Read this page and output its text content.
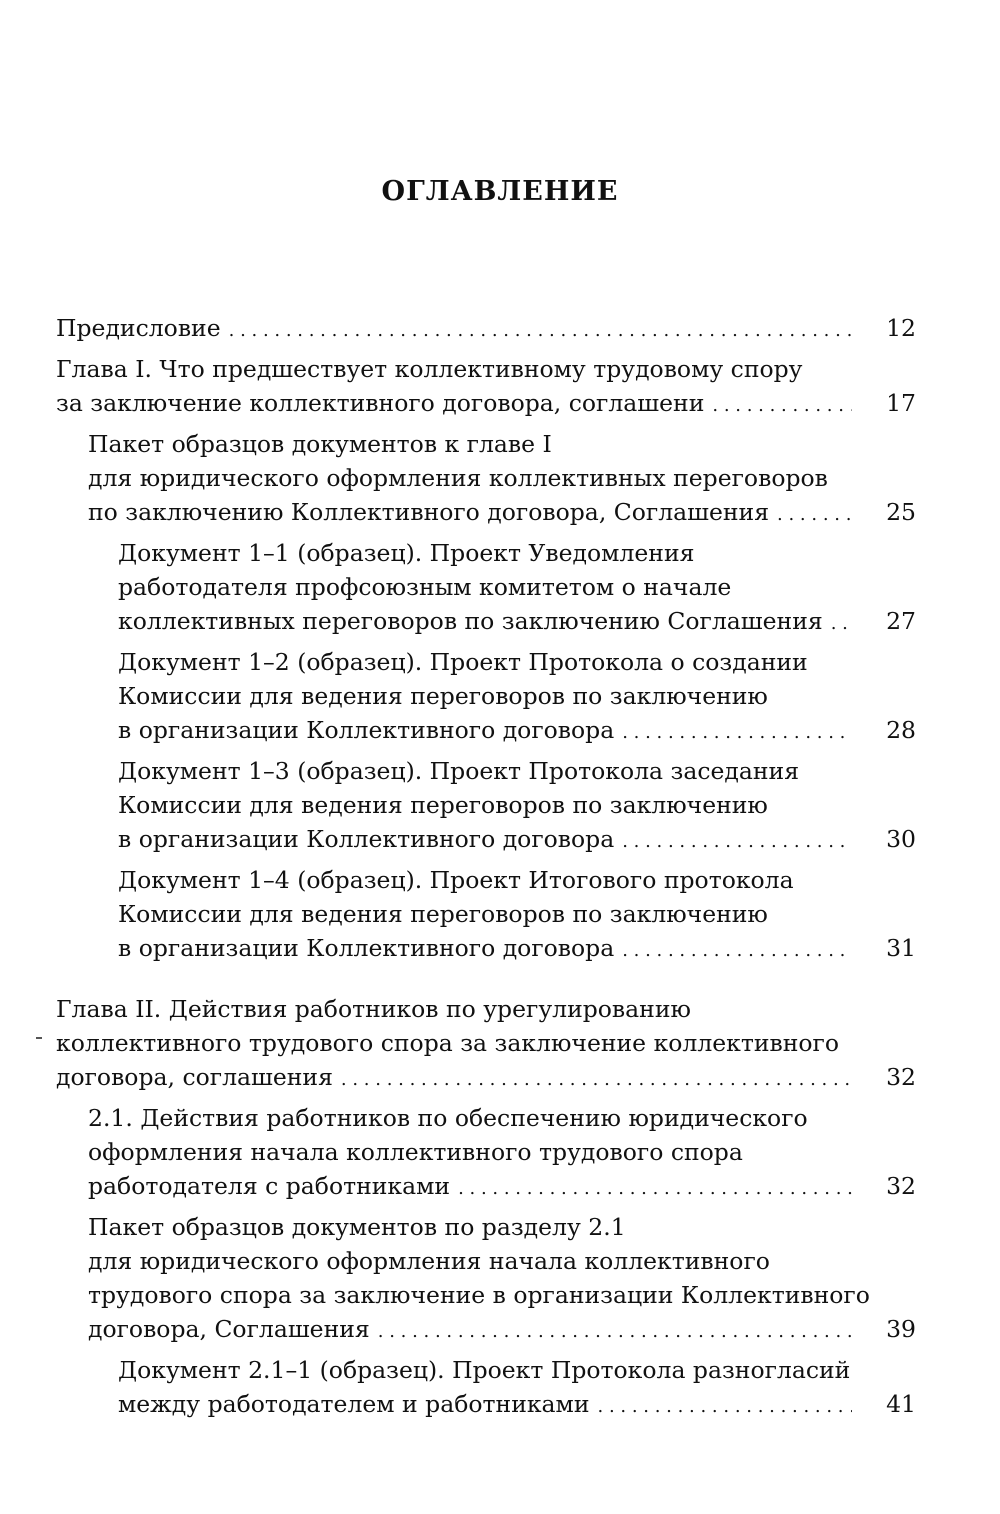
ОГЛАВЛЕНИЕ
Предисловие . . .	12
Глава I. Что предшествует коллективному трудовому спору
за заключение коллективного договора, соглашени . . .	17
Пакет образцов документов к главе I
для юридического оформления коллективных переговоров
по заключению Коллективного договора, Соглашения . . .	25
Документ 1–1 (образец). Проект Уведомления
работодателя профсоюзным комитетом о начале
коллективных переговоров по заключению Соглашения . . .	27
Документ 1–2 (образец). Проект Протокола о создании
Комиссии для ведения переговоров по заключению
в организации Коллективного договора . . .	28
Документ 1–3 (образец). Проект Протокола заседания
Комиссии для ведения переговоров по заключению
в организации Коллективного договора . . .	30
Документ 1–4 (образец). Проект Итогового протокола
Комиссии для ведения переговоров по заключению
в организации Коллективного договора . . .	31
Глава II. Действия работников по урегулированию
коллективного трудового спора за заключение коллективного
договора, соглашения . . .	32
2.1. Действия работников по обеспечению юридического
оформления начала коллективного трудового спора
работодателя с работниками . . .	32
Пакет образцов документов по разделу 2.1
для юридического оформления начала коллективного
трудового спора за заключение в организации Коллективного
договора, Соглашения . . .	39
Документ 2.1–1 (образец). Проект Протокола разногласий
между работодателем и работниками . . .	41
